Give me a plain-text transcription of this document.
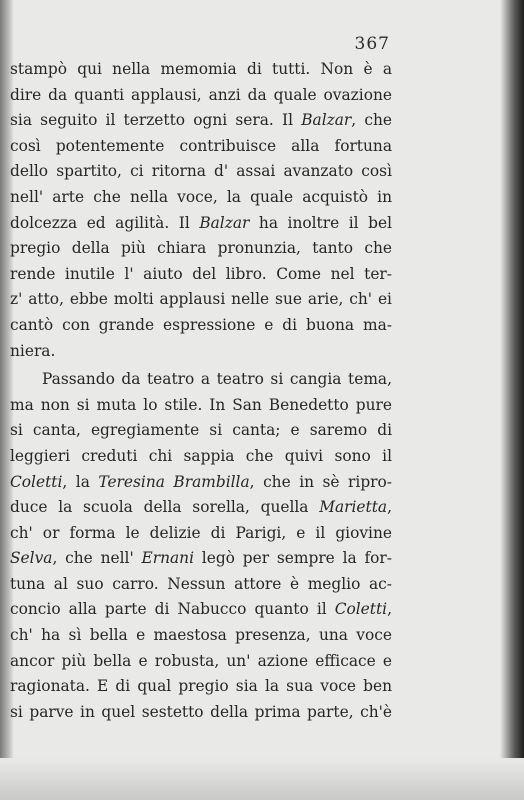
367
stampò qui nella memomia di tutti. Non è a
dire da quanti applausi, anzi da quale ovazione
sia seguito il terzetto ogni sera. Il Balzar, che
così potentemente contribuisce alla fortuna
dello spartito, ci ritorna d' assai avanzato così
nell' arte che nella voce, la quale acquistò in
dolcezza ed agilità. Il Balzar ha inoltre il bel
pregio della più chiara pronunzia, tanto che
rende inutile l' aiuto del libro. Come nel ter-
z' atto, ebbe molti applausi nelle sue arie, ch' ei
cantò con grande espressione e di buona ma-
niera.
Passando da teatro a teatro si cangia tema,
ma non si muta lo stile. In San Benedetto pure
si canta, egregiamente si canta; e saremo di
leggieri creduti chi sappia che quivi sono il
Coletti, la Teresina Brambilla, che in sè ripro-
duce la scuola della sorella, quella Marietta,
ch' or forma le delizie di Parigi, e il giovine
Selva, che nell' Ernani legò per sempre la for-
tuna al suo carro. Nessun attore è meglio ac-
concio alla parte di Nabucco quanto il Coletti,
ch' ha sì bella e maestosa presenza, una voce
ancor più bella e robusta, un' azione efficace e
ragionata. E di qual pregio sia la sua voce ben
si parve in quel sestetto della prima parte, ch'è
